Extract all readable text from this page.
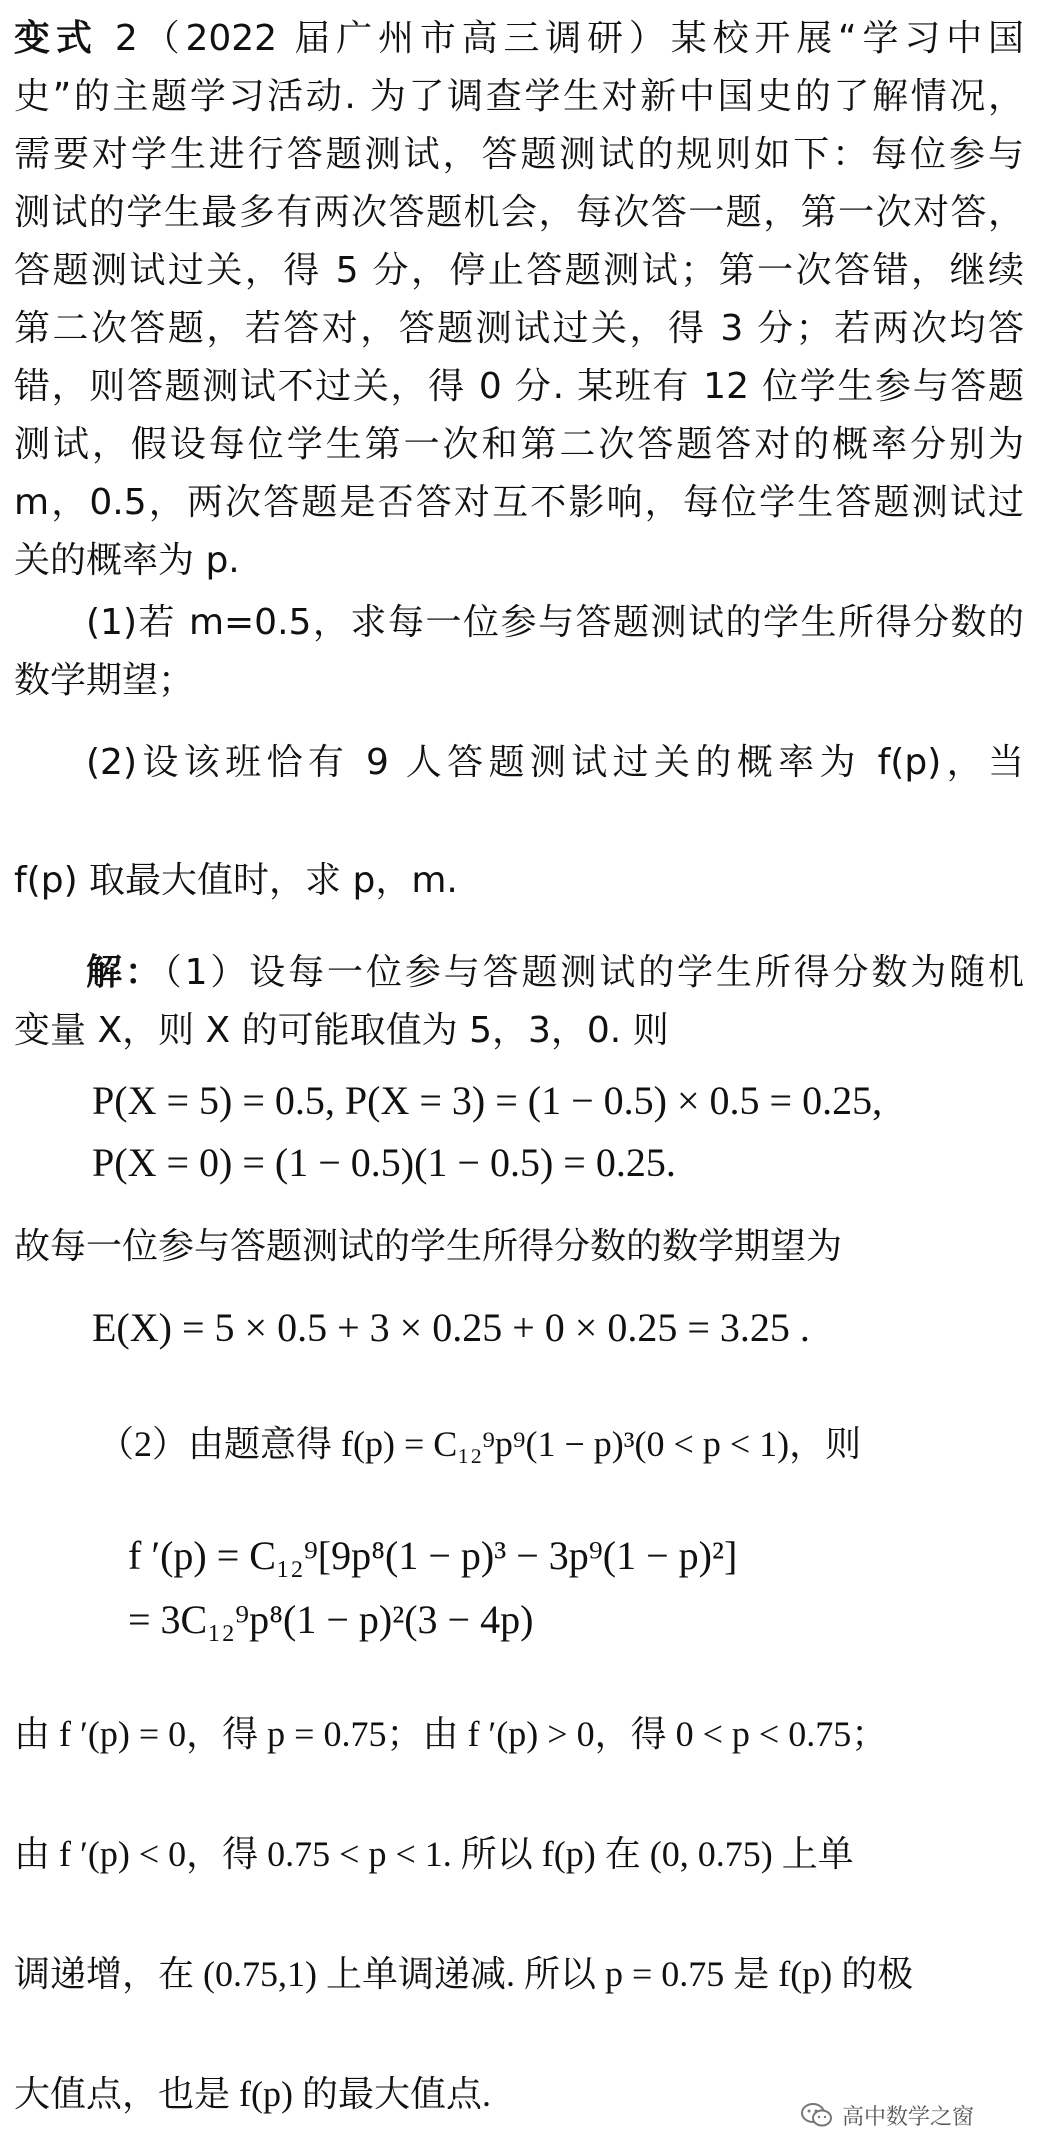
变式 2（2022 届广州市高三调研）某校开展“学习中国
史”的主题学习活动. 为了调查学生对新中国史的了解情况，
需要对学生进行答题测试，答题测试的规则如下：每位参与
测试的学生最多有两次答题机会，每次答一题，第一次对答，
答题测试过关，得 5 分，停止答题测试；第一次答错，继续
第二次答题，若答对，答题测试过关，得 3 分；若两次均答
错，则答题测试不过关，得 0 分. 某班有 12 位学生参与答题
测试，假设每位学生第一次和第二次答题答对的概率分别为
m，0.5，两次答题是否答对互不影响，每位学生答题测试过
关的概率为 p.
(1)若 m=0.5，求每一位参与答题测试的学生所得分数的
数学期望；
(2)设该班恰有 9 人答题测试过关的概率为 f(p)，当
f(p) 取最大值时，求 p，m.
解：（1）设每一位参与答题测试的学生所得分数为随机
变量 X，则 X 的可能取值为 5，3，0. 则
P(X = 5) = 0.5, P(X = 3) = (1 − 0.5) × 0.5 = 0.25,
P(X = 0) = (1 − 0.5)(1 − 0.5) = 0.25.
故每一位参与答题测试的学生所得分数的数学期望为
E(X) = 5 × 0.5 + 3 × 0.25 + 0 × 0.25 = 3.25 .
（2）由题意得 f(p) = C₁₂⁹p⁹(1 − p)³(0 < p < 1)，则
f ′(p) = C₁₂⁹[9p⁸(1 − p)³ − 3p⁹(1 − p)²]
= 3C₁₂⁹p⁸(1 − p)²(3 − 4p)
由 f ′(p) = 0，得 p = 0.75；由 f ′(p) > 0，得 0 < p < 0.75；
由 f ′(p) < 0，得 0.75 < p < 1. 所以 f(p) 在 (0, 0.75) 上单
调递增，在 (0.75,1) 上单调递减. 所以 p = 0.75 是 f(p) 的极
大值点，也是 f(p) 的最大值点.
高中数学之窗
